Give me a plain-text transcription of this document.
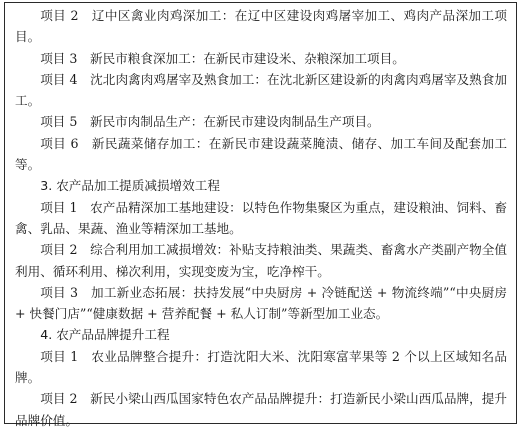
项目 2　辽中区禽业肉鸡深加工：在辽中区建设肉鸡屠宰加工、鸡肉产品深加工项目。

项目 3　新民市粮食深加工：在新民市建设米、杂粮深加工项目。

项目 4　沈北肉禽肉鸡屠宰及熟食加工：在沈北新区建设新的肉禽肉鸡屠宰及熟食加工。

项目 5　新民市肉制品生产：在新民市建设肉制品生产项目。

项目 6　新民蔬菜储存加工：在新民市建设蔬菜腌渍、储存、加工车间及配套加工等。

3. 农产品加工提质减损增效工程

项目 1　农产品精深加工基地建设：以特色作物集聚区为重点，建设粮油、饲料、畜禽、乳品、果蔬、渔业等精深加工基地。

项目 2　综合利用加工减损增效：补贴支持粮油类、果蔬类、畜禽水产类副产物全值利用、循环利用、梯次利用，实现变废为宝，吃净榨干。

项目 3　加工新业态拓展：扶持发展“中央厨房 + 冷链配送 + 物流终端”“中央厨房 + 快餐门店”“健康数据 + 营养配餐 + 私人订制”等新型加工业态。

4. 农产品品牌提升工程

项目 1　农业品牌整合提升：打造沈阳大米、沈阳寒富苹果等 2 个以上区域知名品牌。

项目 2　新民小梁山西瓜国家特色农产品品牌提升：打造新民小梁山西瓜品牌，提升品牌价值。
